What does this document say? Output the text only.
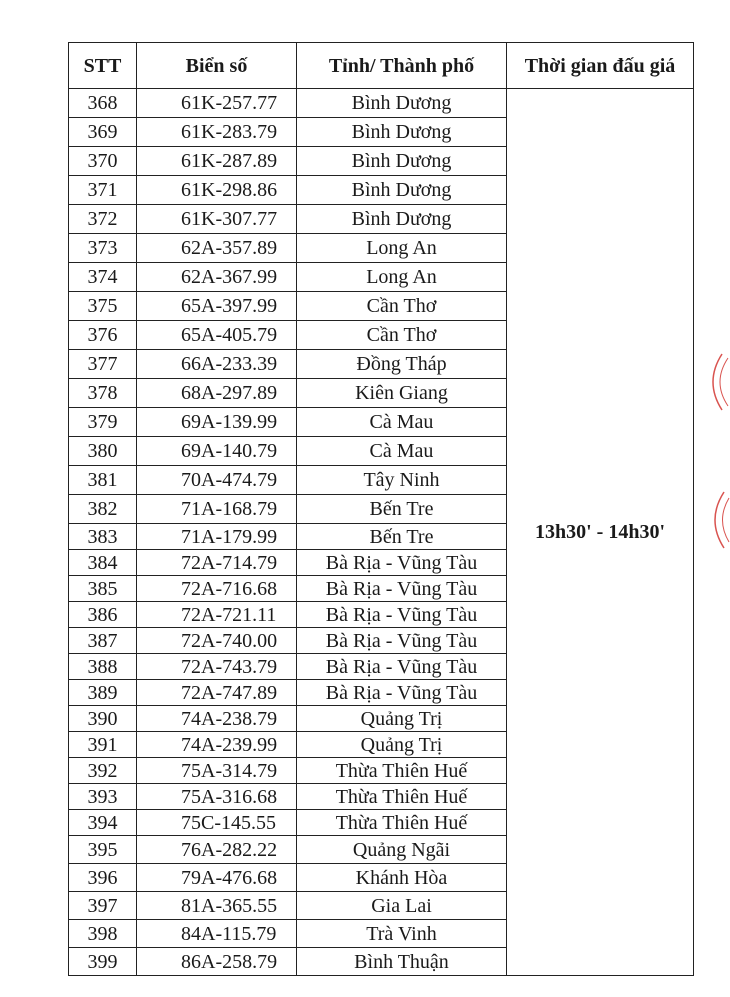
STT	Biển số	Tỉnh/ Thành phố	Thời gian đấu giá
368	61K-257.77	Bình Dương	13h30' - 14h30'
369	61K-283.79	Bình Dương	
370	61K-287.89	Bình Dương	
371	61K-298.86	Bình Dương	
372	61K-307.77	Bình Dương	
373	62A-357.89	Long An	
374	62A-367.99	Long An	
375	65A-397.99	Cần Thơ	
376	65A-405.79	Cần Thơ	
377	66A-233.39	Đồng Tháp	
378	68A-297.89	Kiên Giang	
379	69A-139.99	Cà Mau	
380	69A-140.79	Cà Mau	
381	70A-474.79	Tây Ninh	
382	71A-168.79	Bến Tre	
383	71A-179.99	Bến Tre	
384	72A-714.79	Bà Rịa - Vũng Tàu	
385	72A-716.68	Bà Rịa - Vũng Tàu	
386	72A-721.11	Bà Rịa - Vũng Tàu	
387	72A-740.00	Bà Rịa - Vũng Tàu	
388	72A-743.79	Bà Rịa - Vũng Tàu	
389	72A-747.89	Bà Rịa - Vũng Tàu	
390	74A-238.79	Quảng Trị	
391	74A-239.99	Quảng Trị	
392	75A-314.79	Thừa Thiên Huế	
393	75A-316.68	Thừa Thiên Huế	
394	75C-145.55	Thừa Thiên Huế	
395	76A-282.22	Quảng Ngãi	
396	79A-476.68	Khánh Hòa	
397	81A-365.55	Gia Lai	
398	84A-115.79	Trà Vinh	
399	86A-258.79	Bình Thuận	
